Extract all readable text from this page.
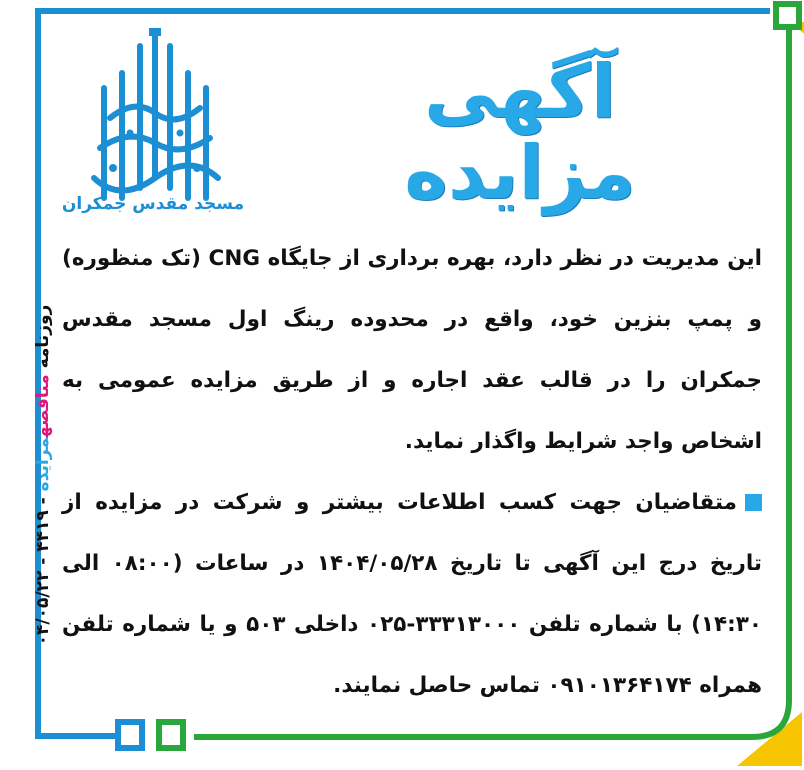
مسجد مقدس جمکران
آگهی مزایده

این مدیریت در نظر دارد، بهره برداری از جایگاه CNG (تک منظوره) و پمپ بنزین خود، واقع در محدوده رینگ اول مسجد مقدس جمکران را در قالب عقد اجاره و از طریق مزایده عمومی به اشخاص واجد شرایط واگذار نماید.

متقاضیان جهت کسب اطلاعات بیشتر و شرکت در مزایده از تاریخ درج این آگهی تا تاریخ ۱۴۰۴/۰۵/۲۸ در ساعات (۰۸:۰۰ الی ۱۴:۳۰) با شماره تلفن ۳۳۳۱۳۰۰۰-۰۲۵ داخلی ۵۰۳ و یا شماره تلفن همراه ۰۹۱۰۱۳۶۴۱۷۴ تماس حاصل نمایند.

روزنامه مناقصهمزایده - ۴۴۱۹ - ۰۴/۰۵/۲۲
